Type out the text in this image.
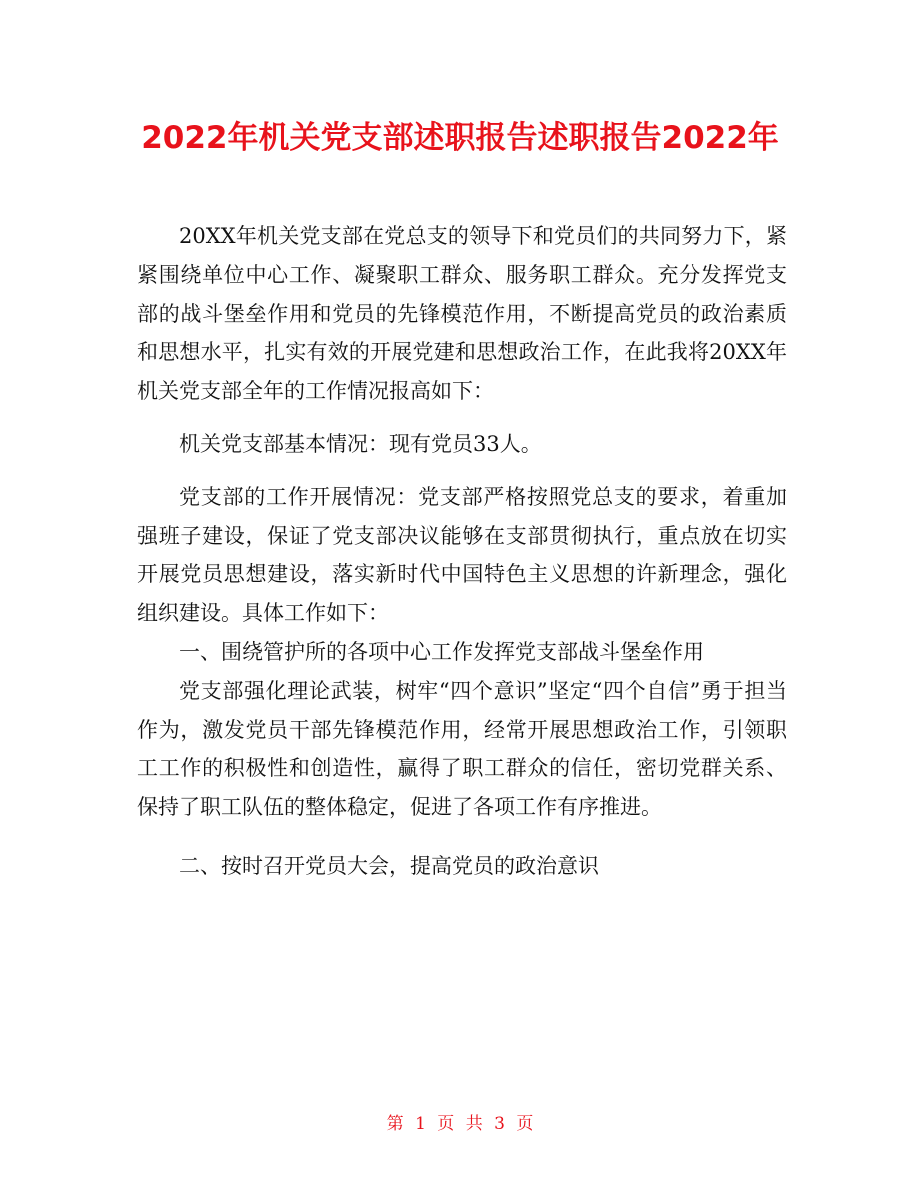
2022年机关党支部述职报告述职报告2022年

20XX年机关党支部在党总支的领导下和党员们的共同努力下，紧紧围绕单位中心工作、凝聚职工群众、服务职工群众。充分发挥党支部的战斗堡垒作用和党员的先锋模范作用，不断提高党员的政治素质和思想水平，扎实有效的开展党建和思想政治工作，在此我将20XX年机关党支部全年的工作情况报高如下：

机关党支部基本情况：现有党员33人。

党支部的工作开展情况：党支部严格按照党总支的要求，着重加强班子建设，保证了党支部决议能够在支部贯彻执行，重点放在切实开展党员思想建设，落实新时代中国特色主义思想的许新理念，强化组织建设。具体工作如下：

一、围绕管护所的各项中心工作发挥党支部战斗堡垒作用

党支部强化理论武装，树牢“四个意识”坚定“四个自信”勇于担当作为，激发党员干部先锋模范作用，经常开展思想政治工作，引领职工工作的积极性和创造性，赢得了职工群众的信任，密切党群关系、保持了职工队伍的整体稳定，促进了各项工作有序推进。

二、按时召开党员大会，提高党员的政治意识

第 1 页 共 3 页
